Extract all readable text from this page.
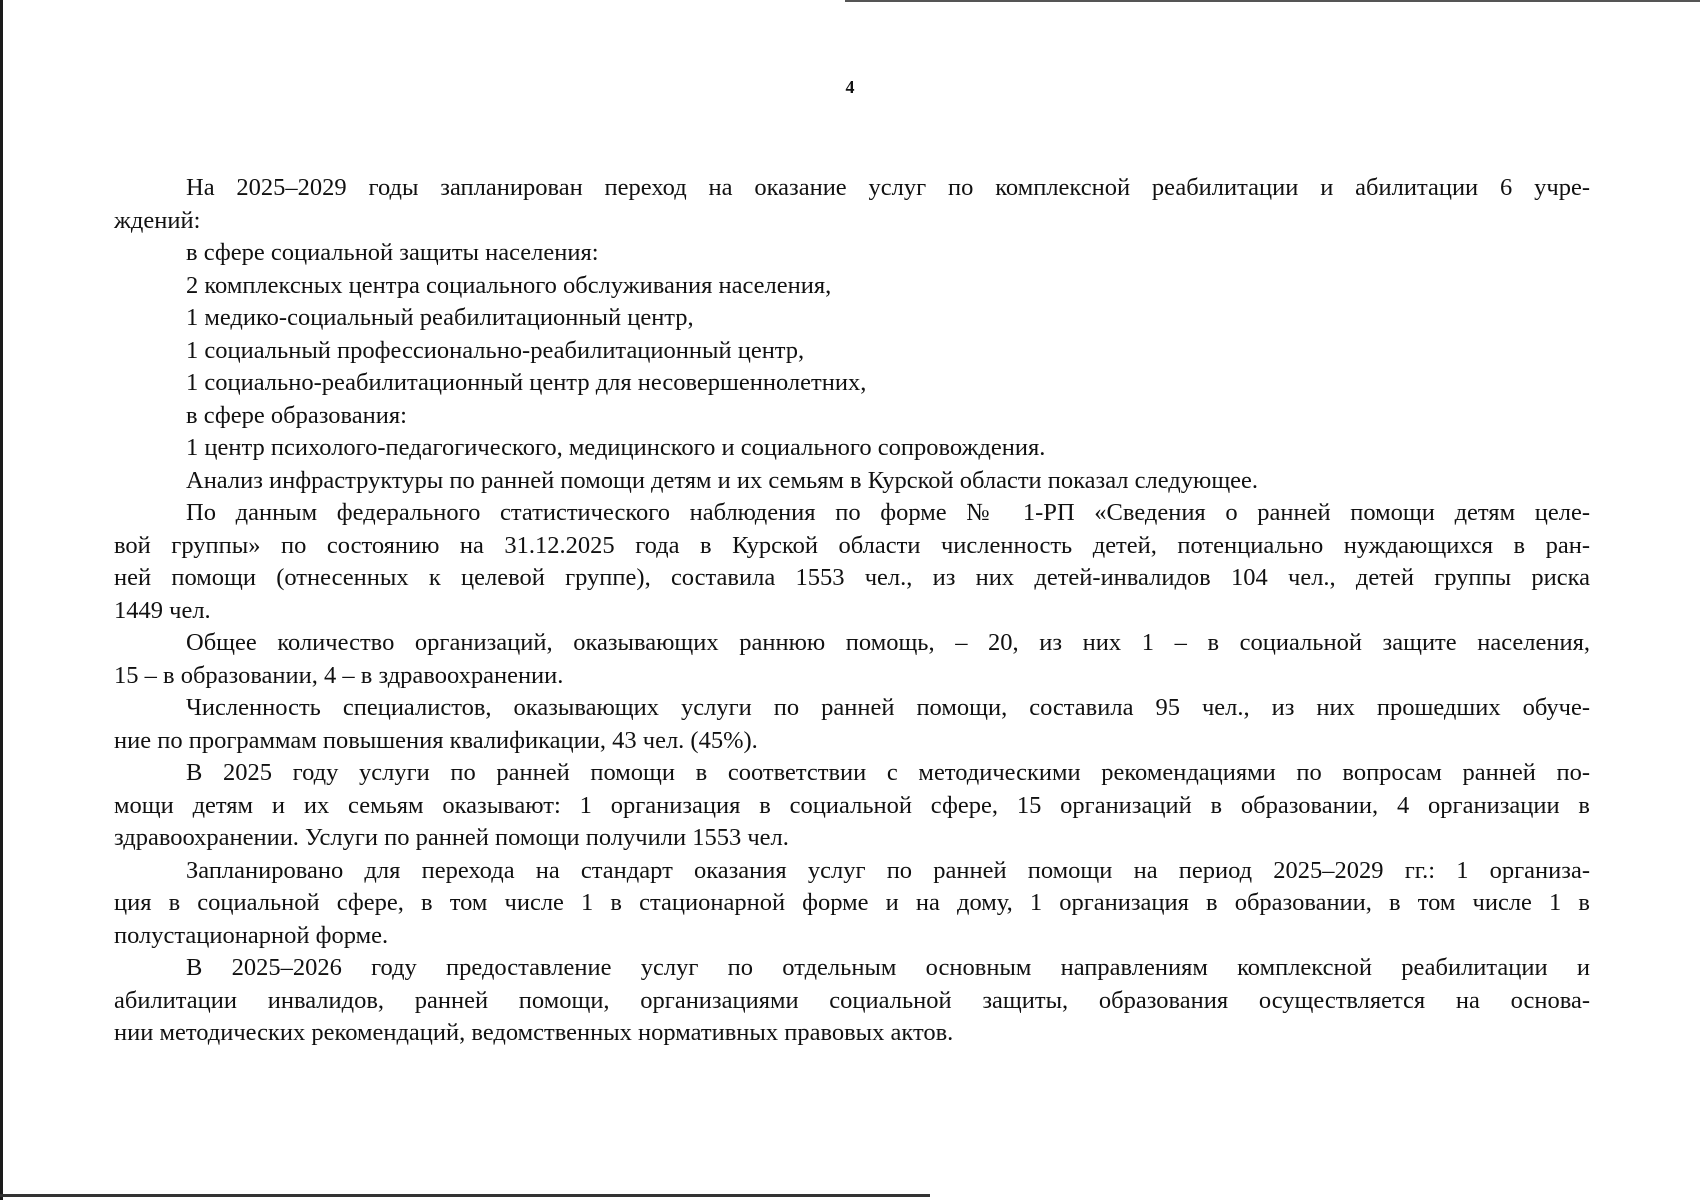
4

На 2025–2029 годы запланирован переход на оказание услуг по комплексной реабилитации и абилитации 6 учре-
ждений:

в сфере социальной защиты населения:

2 комплексных центра социального обслуживания населения,

1 медико-социальный реабилитационный центр,

1 социальный профессионально-реабилитационный центр,

1 социально-реабилитационный центр для несовершеннолетних,

в сфере образования:

1 центр психолого-педагогического, медицинского и социального сопровождения.

Анализ инфраструктуры по ранней помощи детям и их семьям в Курской области показал следующее.

По данным федерального статистического наблюдения по форме № 1-РП «Сведения о ранней помощи детям целе-
вой группы» по состоянию на 31.12.2025 года в Курской области численность детей, потенциально нуждающихся в ран-
ней помощи (отнесенных к целевой группе), составила 1553 чел., из них детей-инвалидов 104 чел., детей группы риска
1449 чел.

Общее количество организаций, оказывающих раннюю помощь, – 20, из них 1 – в социальной защите населения,
15 – в образовании, 4 – в здравоохранении.

Численность специалистов, оказывающих услуги по ранней помощи, составила 95 чел., из них прошедших обуче-
ние по программам повышения квалификации, 43 чел. (45%).

В 2025 году услуги по ранней помощи в соответствии с методическими рекомендациями по вопросам ранней по-
мощи детям и их семьям оказывают: 1 организация в социальной сфере, 15 организаций в образовании, 4 организации в
здравоохранении. Услуги по ранней помощи получили 1553 чел.

Запланировано для перехода на стандарт оказания услуг по ранней помощи на период 2025–2029 гг.: 1 организа-
ция в социальной сфере, в том числе 1 в стационарной форме и на дому, 1 организация в образовании, в том числе 1 в
полустационарной форме.

В 2025–2026 году предоставление услуг по отдельным основным направлениям комплексной реабилитации и
абилитации инвалидов, ранней помощи, организациями социальной защиты, образования осуществляется на основа-
нии методических рекомендаций, ведомственных нормативных правовых актов.
